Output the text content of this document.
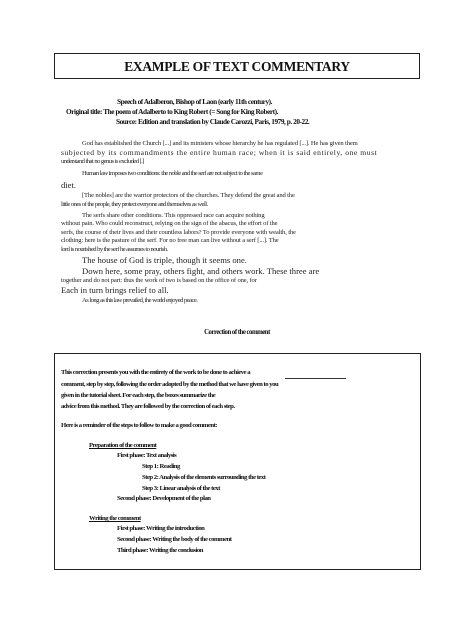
EXAMPLE OF TEXT COMMENTARY
Speech of Adalberon, Bishop of Laon (early 11th century).
Original title: The poem of Adalberto to King Robert (= Song for King Robert).
Source: Edition and translation by Claude Carozzi, Paris, 1979, p. 20-22.
God has established the Church [...] and its ministers whose hierarchy he has regulated [...]. He has given them
subjected by its commandments the entire human race; when it is said entirely, one must
understand that no genus is excluded [.]
Human law imposes two conditions: the noble and the serf are not subject to the same
diet.
[The nobles] are the warrior protectors of the churches. They defend the great and the
little ones of the people, they protect everyone and themselves as well.
The serfs share other conditions. This oppressed race can acquire nothing
without pain. Who could reconstruct, relying on the sign of the abacus, the effort of the
serfs, the course of their lives and their countless labors? To provide everyone with wealth, the
clothing: here is the pasture of the serf. For no free man can live without a serf [...]. The
lord is nourished by the serf he assumes to nourish.
The house of God is triple, though it seems one.
Down here, some pray, others fight, and others work. These three are
together and do not part: thus the work of two is based on the office of one, for
Each in turn brings relief to all.
As long as this law prevailed, the world enjoyed peace.
Correction of the comment
This correction presents you with the entirety of the work to be done to achieve a
comment, step by step, following the order adopted by the method that we have given to you
given in the tutorial sheet. For each step, the boxes summarize the
advice from this method. They are followed by the correction of each step.
Here is a reminder of the steps to follow to make a good comment:
Preparation of the comment
First phase: Text analysis
Step 1: Reading
Step 2: Analysis of the elements surrounding the text
Step 3: Linear analysis of the text
Second phase: Development of the plan
Writing the comment
First phase: Writing the introduction
Second phase: Writing the body of the comment
Third phase: Writing the conclusion
